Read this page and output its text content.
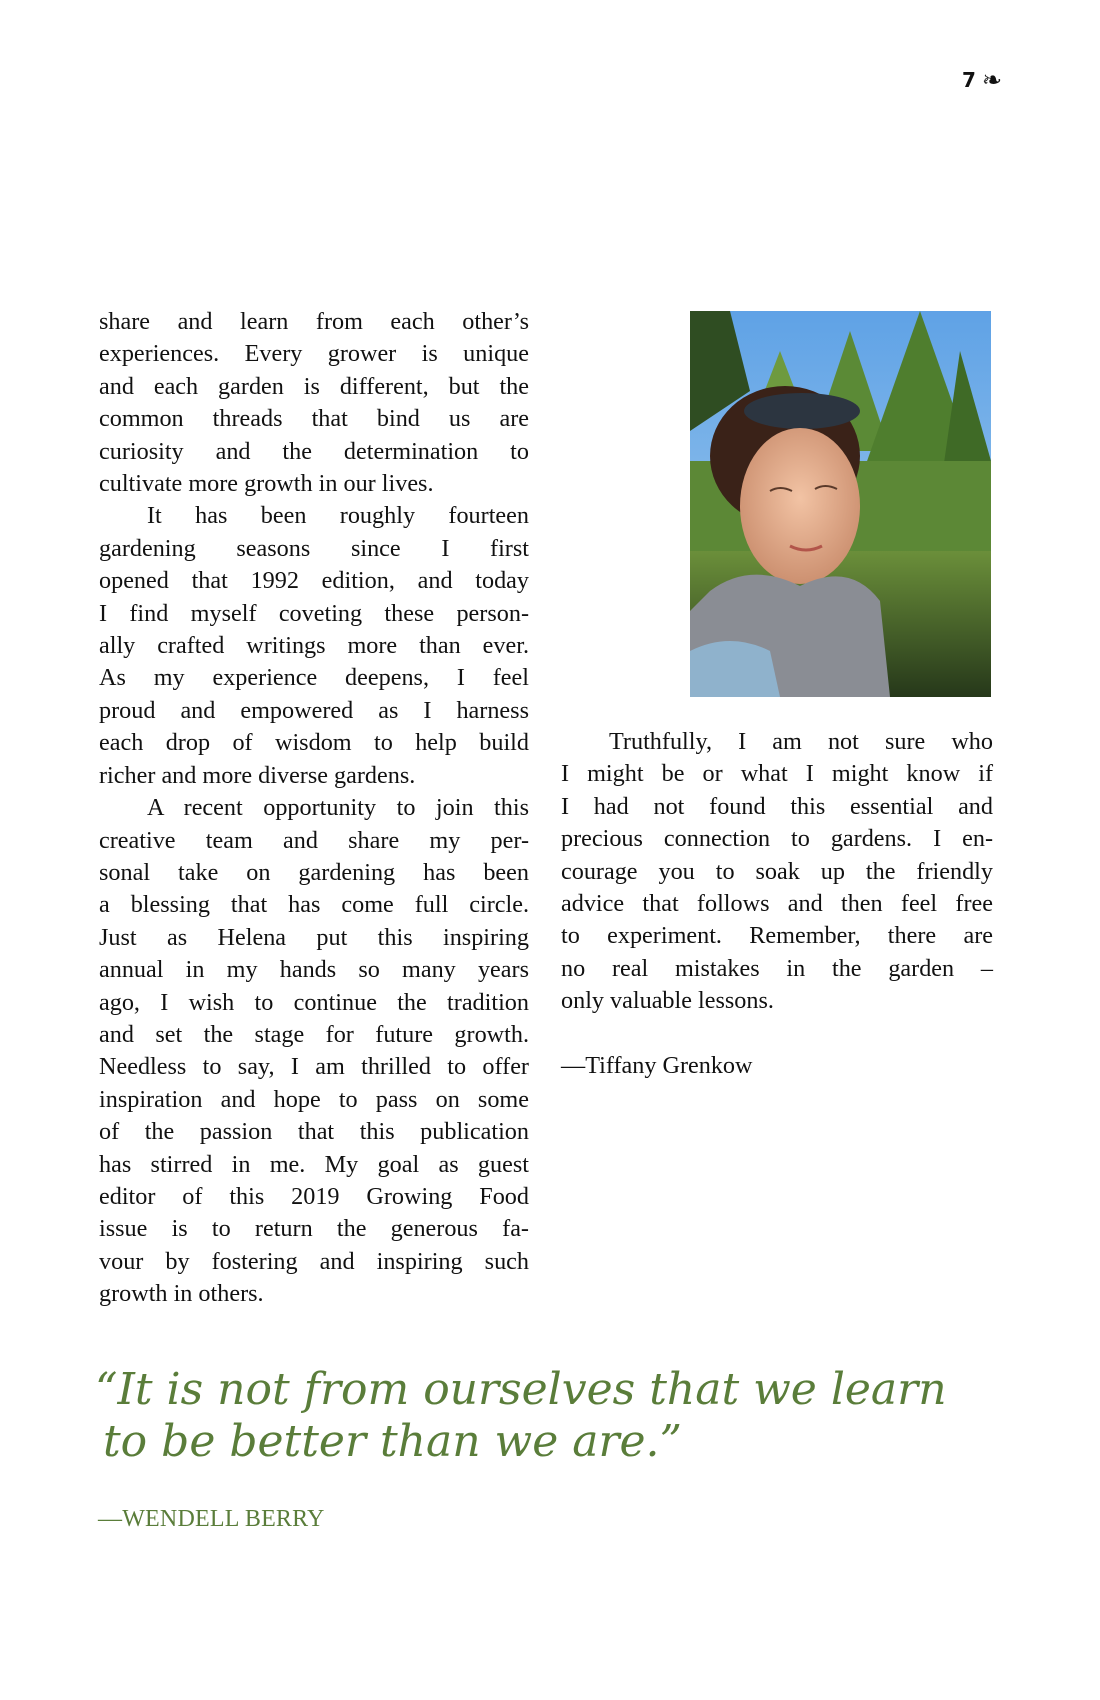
7 ❧
share and learn from each other’s
experiences. Every grower is unique
and each garden is different, but the
common threads that bind us are
curiosity and the determination to
cultivate more growth in our lives.
It has been roughly fourteen
gardening seasons since I first
opened that 1992 edition, and today
I find myself coveting these person-
ally crafted writings more than ever.
As my experience deepens, I feel
proud and empowered as I harness
each drop of wisdom to help build
richer and more diverse gardens.
A recent opportunity to join this
creative team and share my per-
sonal take on gardening has been
a blessing that has come full circle.
Just as Helena put this inspiring
annual in my hands so many years
ago, I wish to continue the tradition
and set the stage for future growth.
Needless to say, I am thrilled to offer
inspiration and hope to pass on some
of the passion that this publication
has stirred in me. My goal as guest
editor of this 2019 Growing Food
issue is to return the generous fa-
vour by fostering and inspiring such
growth in others.
Truthfully, I am not sure who
I might be or what I might know if
I had not found this essential and
precious connection to gardens. I en-
courage you to soak up the friendly
advice that follows and then feel free
to experiment. Remember, there are
no real mistakes in the garden –
only valuable lessons.
—Tiffany Grenkow
“It is not from ourselves that we learn
to be better than we are.”
—WENDELL BERRY
